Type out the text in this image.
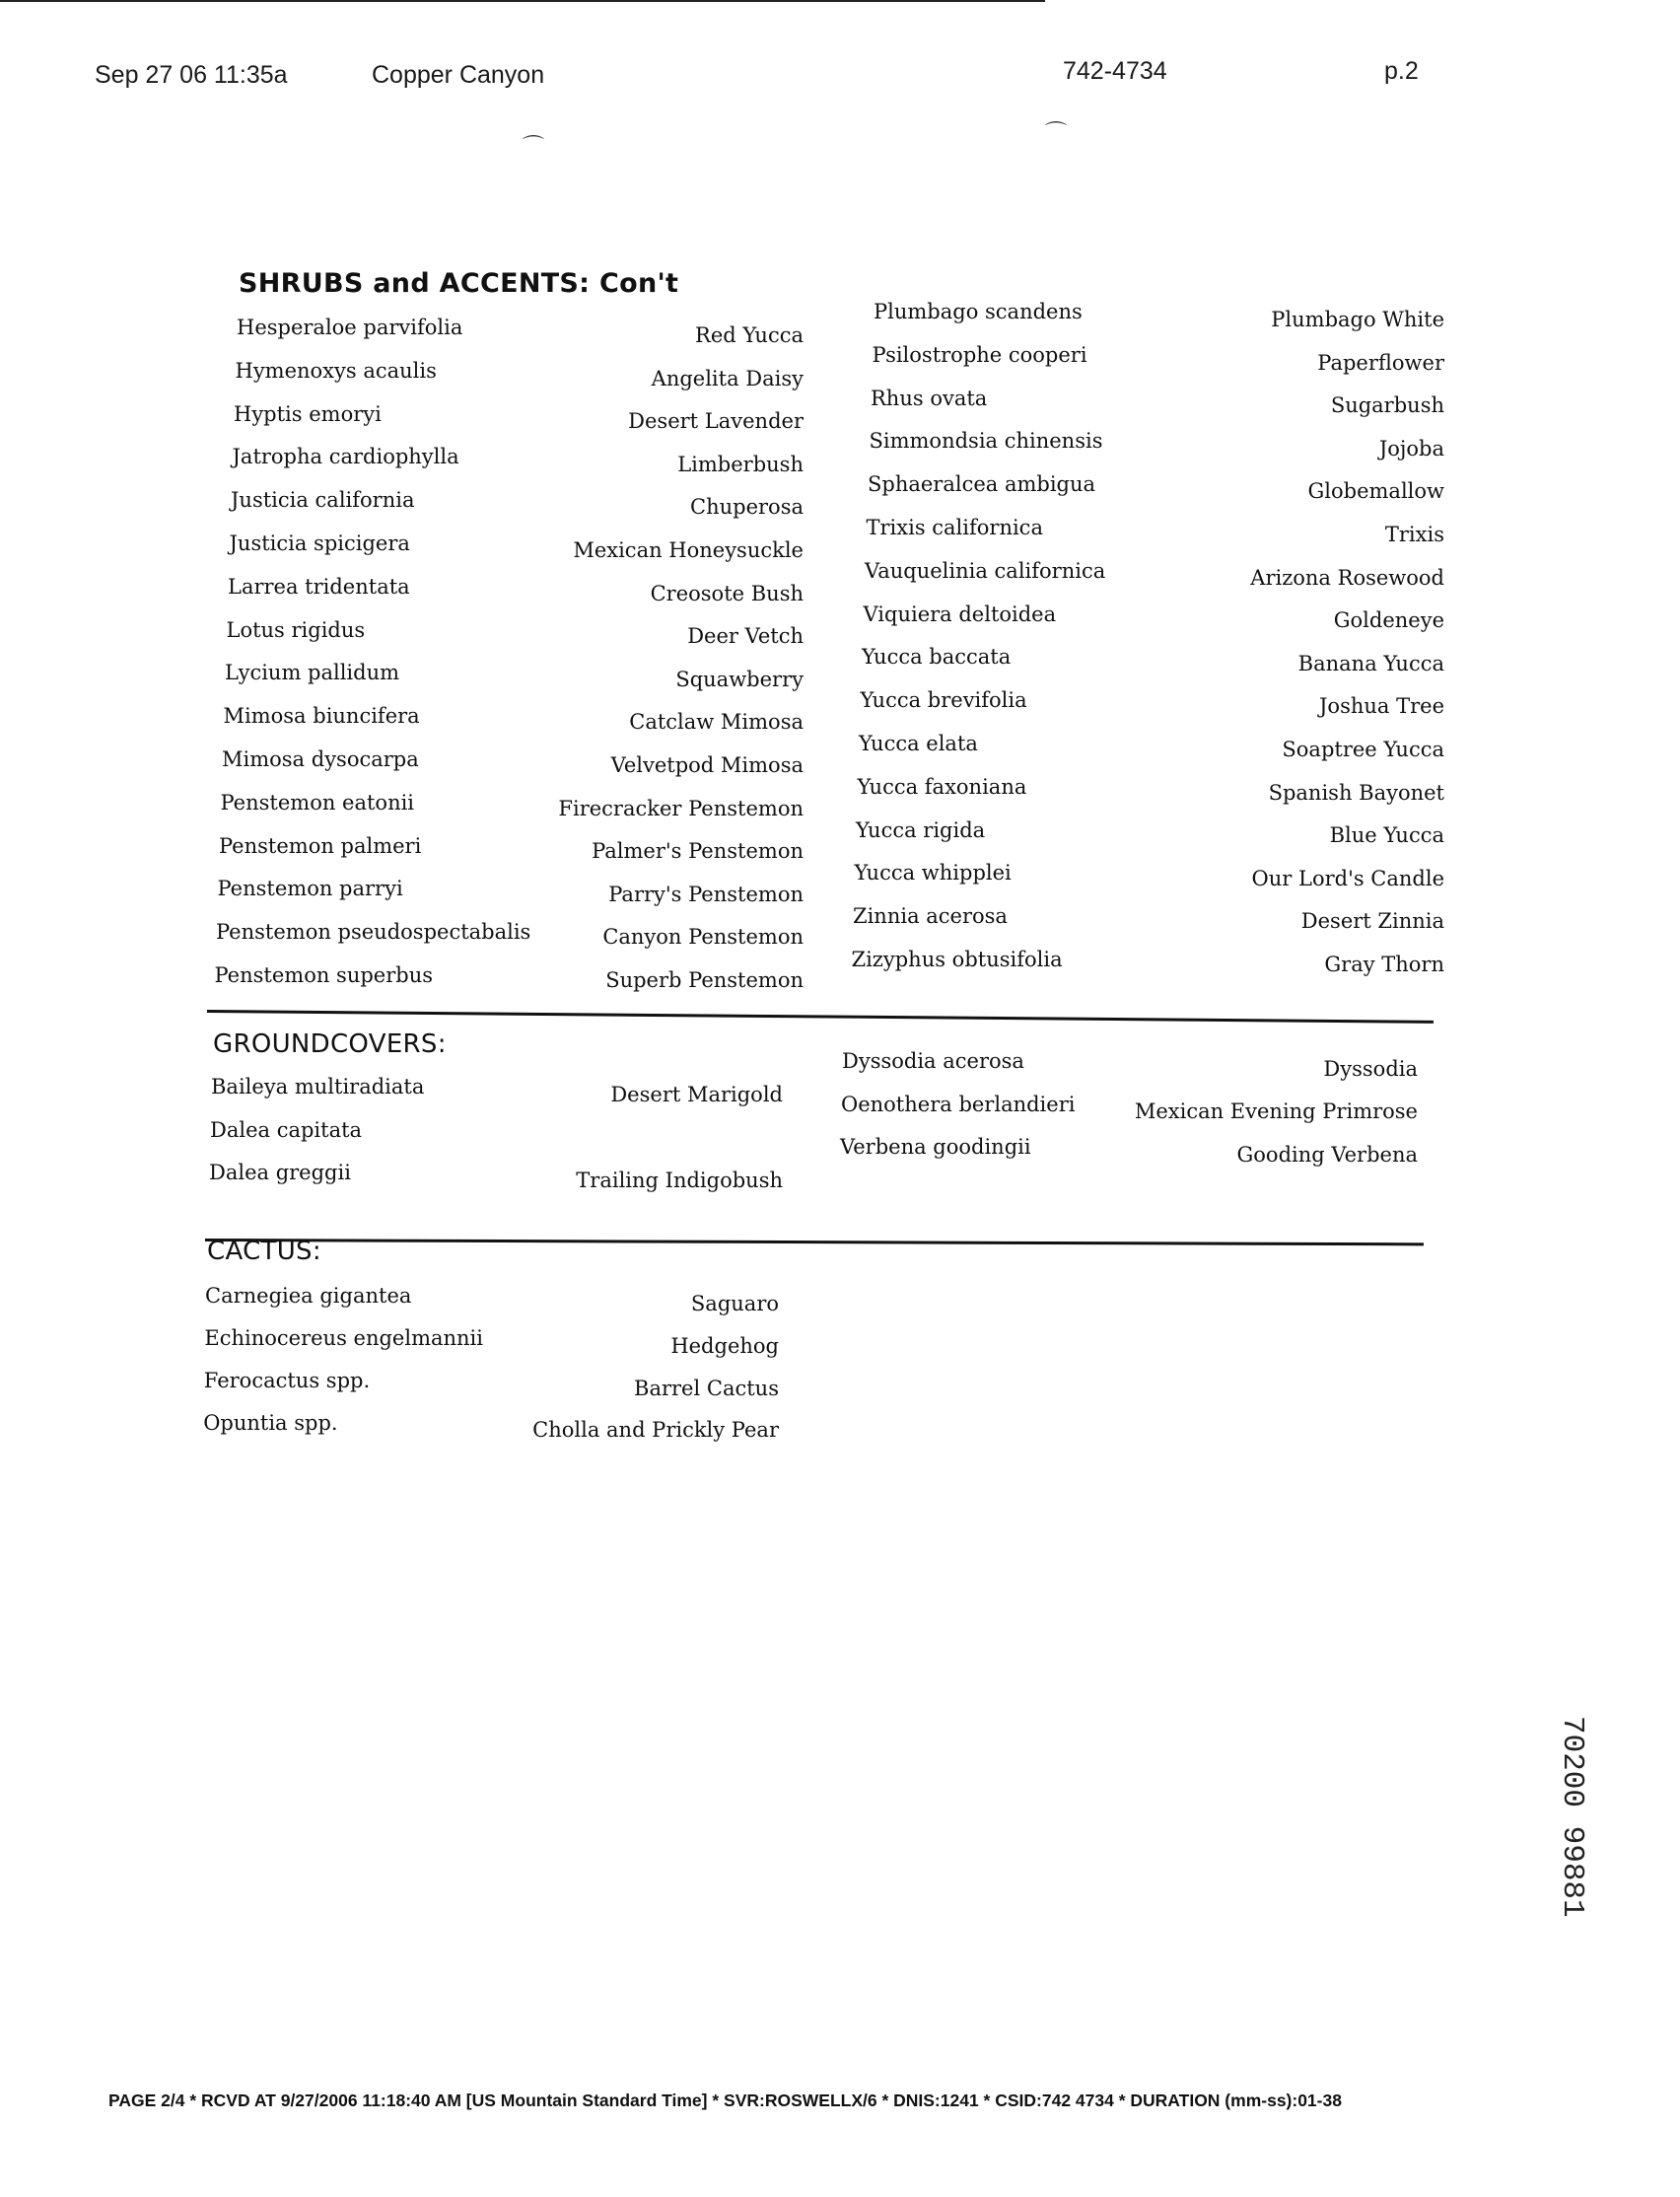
Sep 27 06 11:35a	Copper Canyon	742-4734	p.2
⌒
⌒
SHRUBS and ACCENTS: Con't
GROUNDCOVERS:
CACTUS:
Hesperaloe parvifolia	Red Yucca
Hymenoxys acaulis	Angelita Daisy
Hyptis emoryi	Desert Lavender
Jatropha cardiophylla	Limberbush
Justicia california	Chuperosa
Justicia spicigera	Mexican Honeysuckle
Larrea tridentata	Creosote Bush
Lotus rigidus	Deer Vetch
Lycium pallidum	Squawberry
Mimosa biuncifera	Catclaw Mimosa
Mimosa dysocarpa	Velvetpod Mimosa
Penstemon eatonii	Firecracker Penstemon
Penstemon palmeri	Palmer's Penstemon
Penstemon parryi	Parry's Penstemon
Penstemon pseudospectabalis	Canyon Penstemon
Penstemon superbus	Superb Penstemon
Plumbago scandens	Plumbago White
Psilostrophe cooperi	Paperflower
Rhus ovata	Sugarbush
Simmondsia chinensis	Jojoba
Sphaeralcea ambigua	Globemallow
Trixis californica	Trixis
Vauquelinia californica	Arizona Rosewood
Viquiera deltoidea	Goldeneye
Yucca baccata	Banana Yucca
Yucca brevifolia	Joshua Tree
Yucca elata	Soaptree Yucca
Yucca faxoniana	Spanish Bayonet
Yucca rigida	Blue Yucca
Yucca whipplei	Our Lord's Candle
Zinnia acerosa	Desert Zinnia
Zizyphus obtusifolia	Gray Thorn
Baileya multiradiata	Desert Marigold
Dalea capitata
Dalea greggii	Trailing Indigobush
Dyssodia acerosa	Dyssodia
Oenothera berlandieri	Mexican Evening Primrose
Verbena goodingii	Gooding Verbena
Carnegiea gigantea	Saguaro
Echinocereus engelmannii	Hedgehog
Ferocactus spp.	Barrel Cactus
Opuntia spp.	Cholla and Prickly Pear
PAGE 2/4 * RCVD AT 9/27/2006 11:18:40 AM [US Mountain Standard Time] * SVR:ROSWELLX/6 * DNIS:1241 * CSID:742 4734 * DURATION (mm-ss):01-38
70200 99881
